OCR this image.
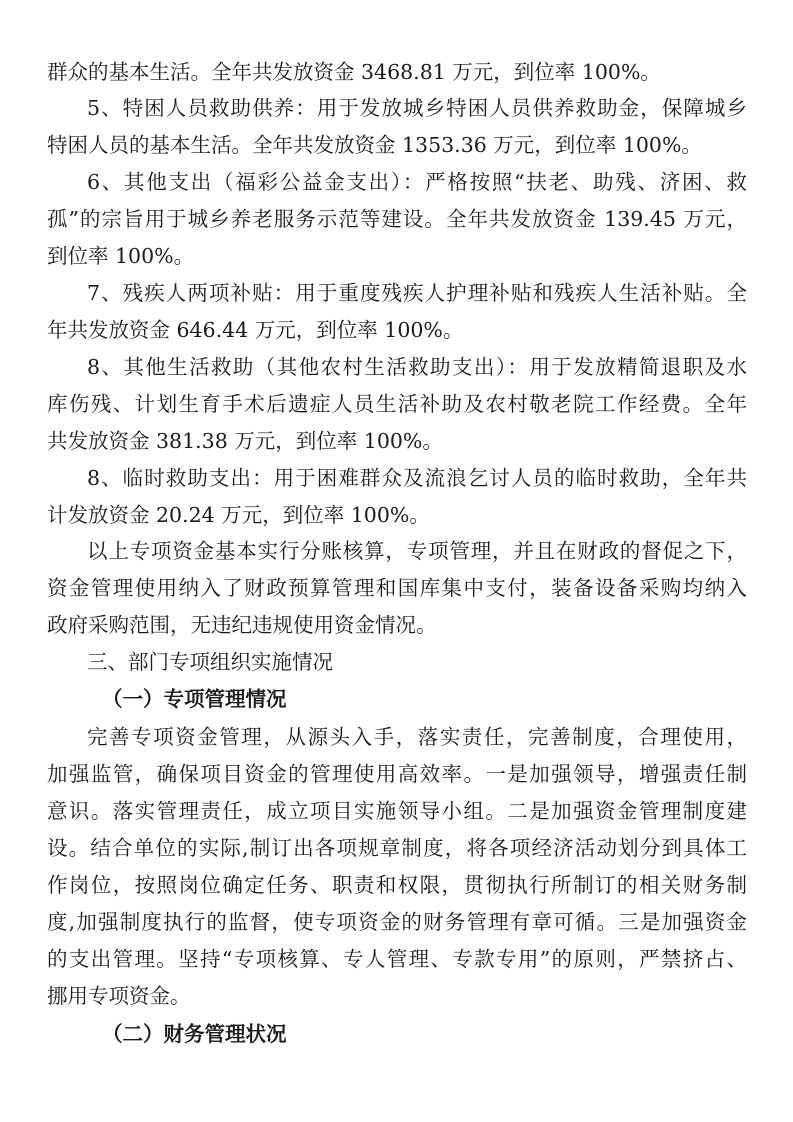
群众的基本生活。全年共发放资金 3468.81 万元，到位率 100%。
5、特困人员救助供养：用于发放城乡特困人员供养救助金，保障城乡
特困人员的基本生活。全年共发放资金 1353.36 万元，到位率 100%。
6、其他支出（福彩公益金支出）：严格按照“扶老、助残、济困、救
孤”的宗旨用于城乡养老服务示范等建设。全年共发放资金 139.45 万元，
到位率 100%。
7、残疾人两项补贴：用于重度残疾人护理补贴和残疾人生活补贴。全
年共发放资金 646.44 万元，到位率 100%。
8、其他生活救助（其他农村生活救助支出）：用于发放精简退职及水
库伤残、计划生育手术后遗症人员生活补助及农村敬老院工作经费。全年
共发放资金 381.38 万元，到位率 100%。
8、临时救助支出：用于困难群众及流浪乞讨人员的临时救助，全年共
计发放资金 20.24 万元，到位率 100%。
以上专项资金基本实行分账核算，专项管理，并且在财政的督促之下，
资金管理使用纳入了财政预算管理和国库集中支付，装备设备采购均纳入
政府采购范围，无违纪违规使用资金情况。
三、部门专项组织实施情况
（一）专项管理情况
完善专项资金管理，从源头入手，落实责任，完善制度，合理使用，
加强监管，确保项目资金的管理使用高效率。一是加强领导，增强责任制
意识。落实管理责任，成立项目实施领导小组。二是加强资金管理制度建
设。结合单位的实际,制订出各项规章制度，将各项经济活动划分到具体工
作岗位，按照岗位确定任务、职责和权限，贯彻执行所制订的相关财务制
度,加强制度执行的监督，使专项资金的财务管理有章可循。三是加强资金
的支出管理。坚持“专项核算、专人管理、专款专用”的原则，严禁挤占、
挪用专项资金。
（二）财务管理状况
